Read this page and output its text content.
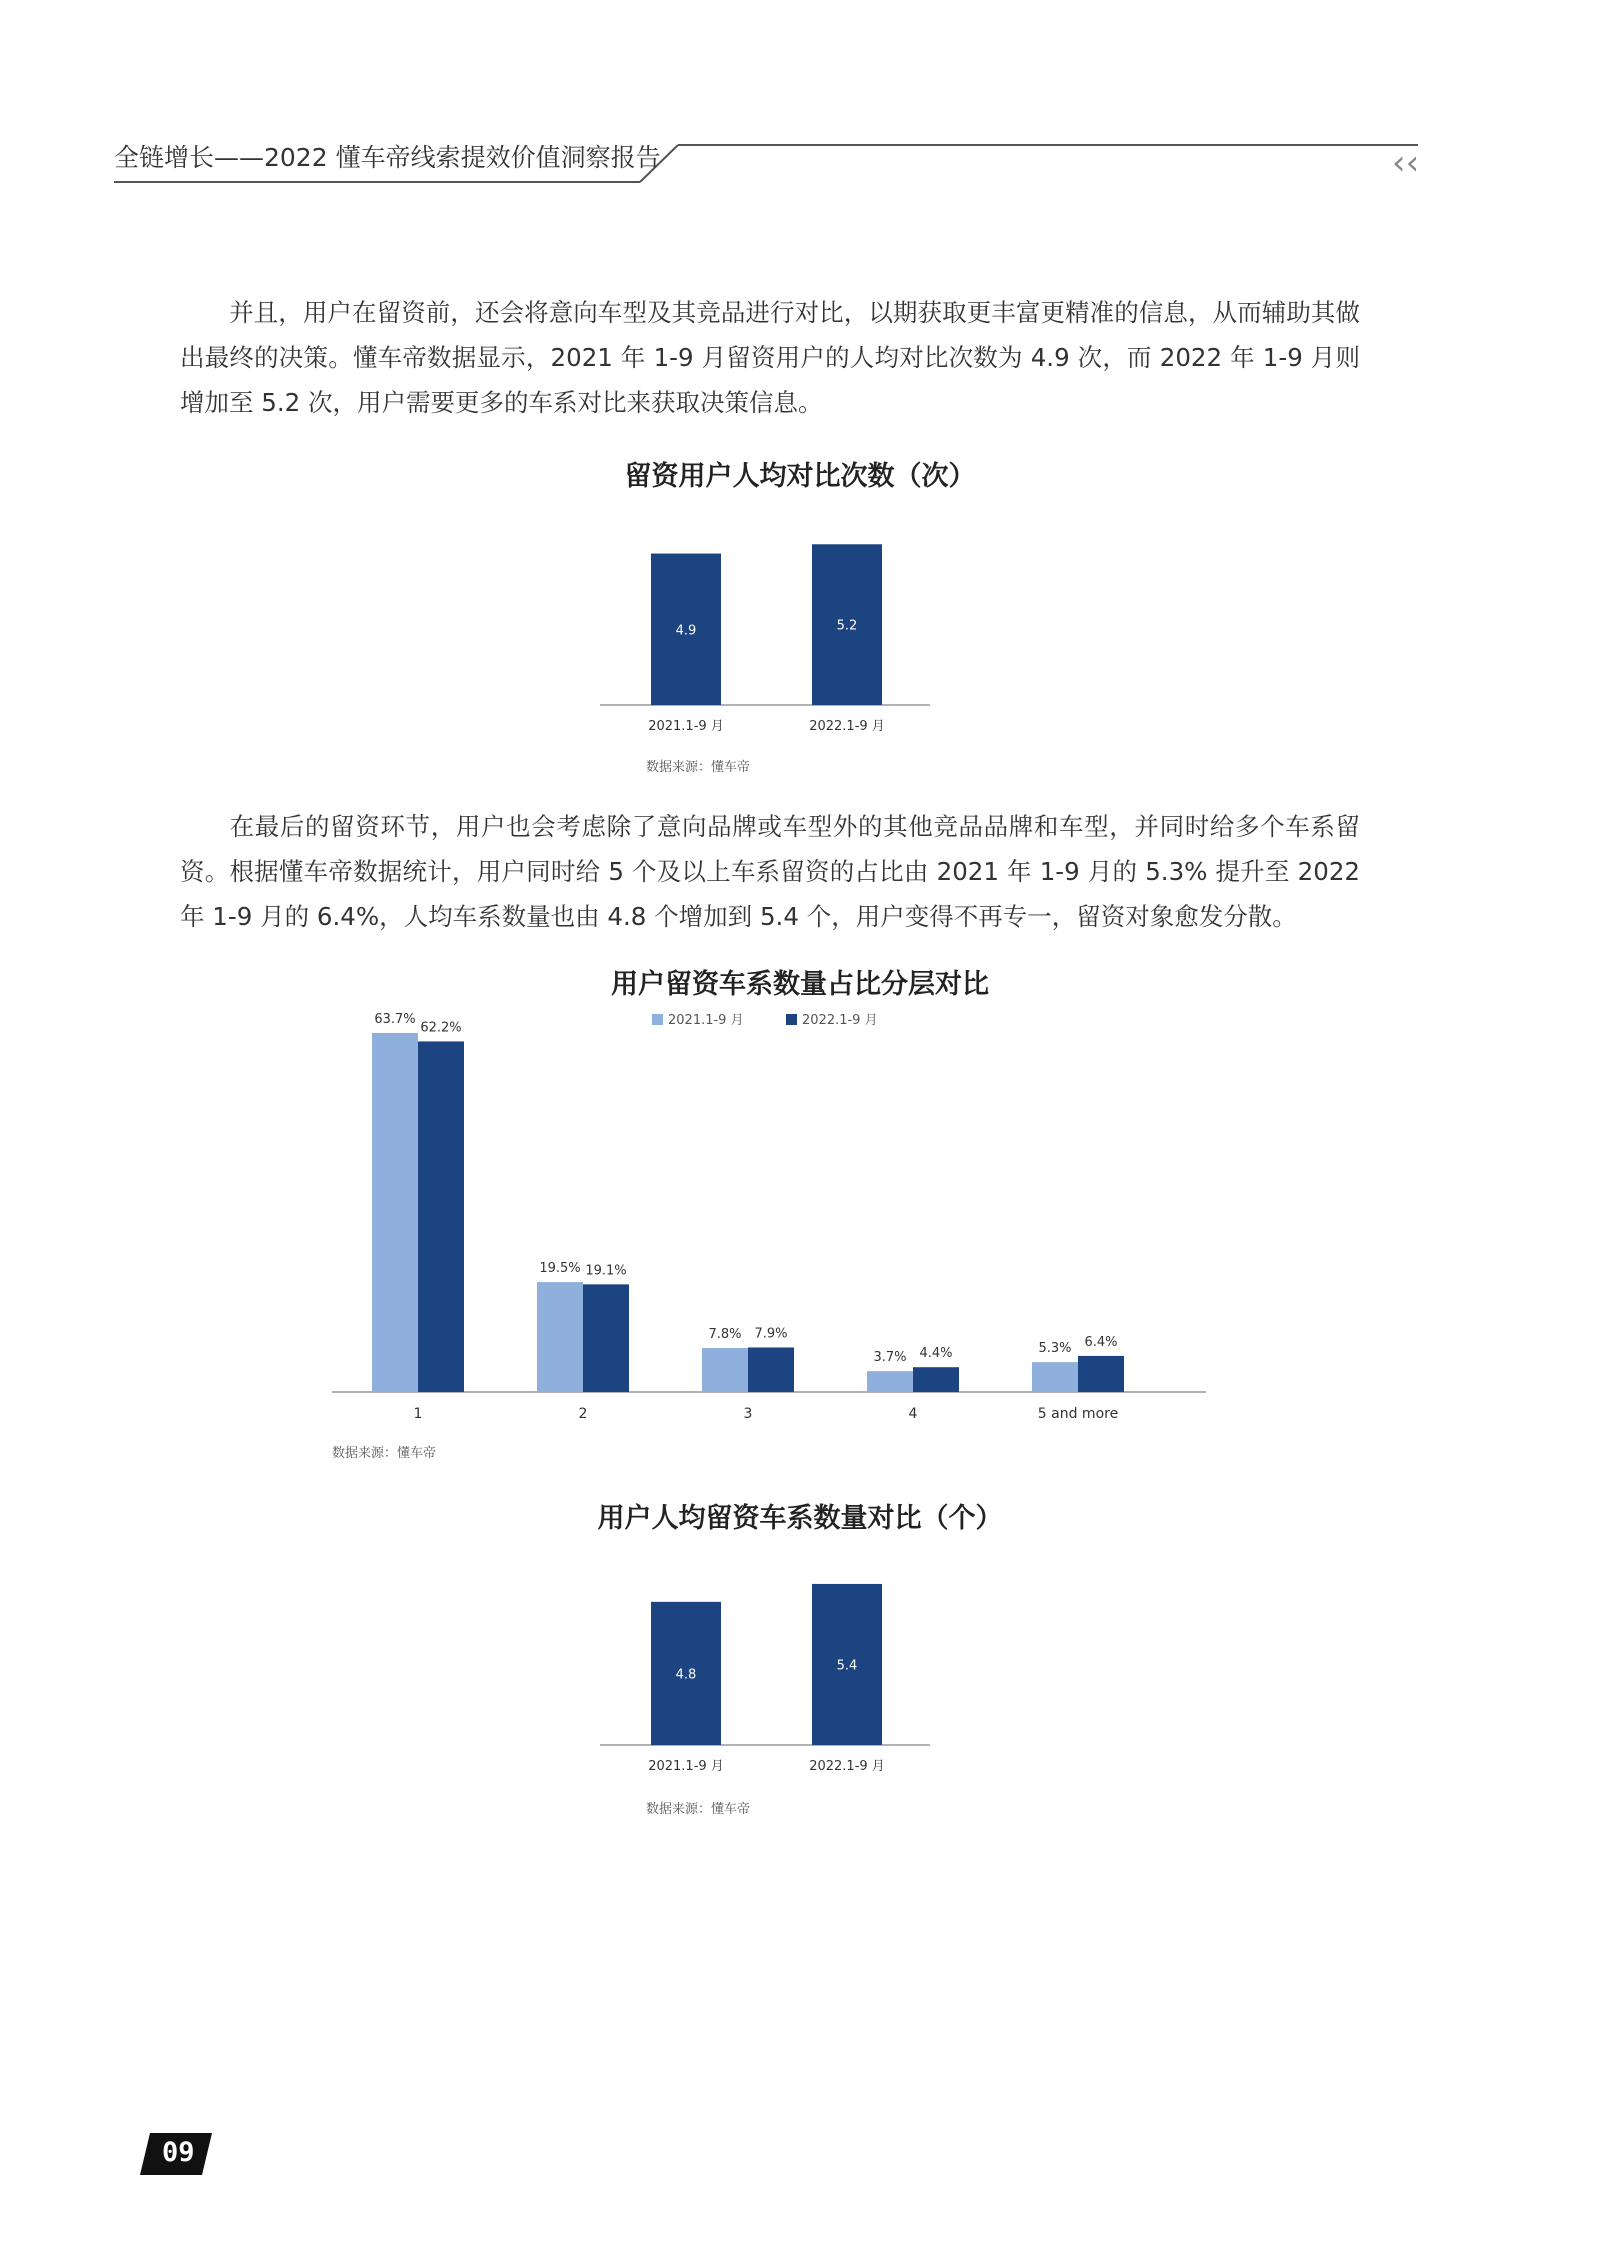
全链增长——2022 懂车帝线索提效价值洞察报告	‹‹

并且，用户在留资前，还会将意向车型及其竞品进行对比，以期获取更丰富更精准的信息，从而辅助其做出最终的决策。懂车帝数据显示，2021 年 1-9 月留资用户的人均对比次数为 4.9 次，而 2022 年 1-9 月则增加至 5.2 次，用户需要更多的车系对比来获取决策信息。

留资用户人均对比次数（次）
4.9
2021.1-9 月
5.2
2022.1-9 月
数据来源：懂车帝

在最后的留资环节，用户也会考虑除了意向品牌或车型外的其他竞品品牌和车型，并同时给多个车系留资。根据懂车帝数据统计，用户同时给 5 个及以上车系留资的占比由 2021 年 1-9 月的 5.3% 提升至 2022 年 1-9 月的 6.4%，人均车系数量也由 4.8 个增加到 5.4 个，用户变得不再专一，留资对象愈发分散。

用户留资车系数量占比分层对比
2021.1-9 月	2022.1-9 月
63.7%
62.2%
1
19.5% 19.1%
2
7.8% 7.9%
3
3.7% 4.4%
4
5.3% 6.4%
5 and more
数据来源：懂车帝
用户人均留资车系数量对比（个）
4.8
2021.1-9 月
5.4
2022.1-9 月
数据来源：懂车帝
09
